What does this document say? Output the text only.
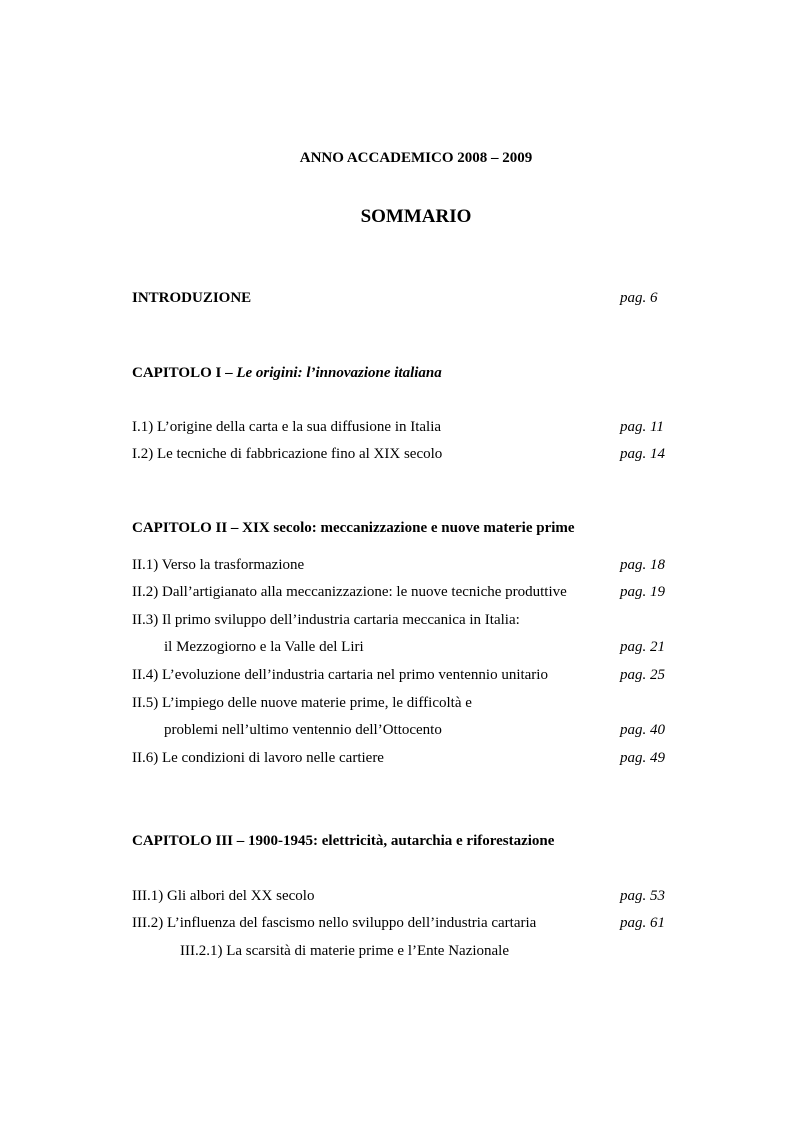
ANNO ACCADEMICO 2008 – 2009
SOMMARIO
INTRODUZIONE	pag. 6
CAPITOLO I – Le origini: l’innovazione italiana
I.1) L’origine della carta e la sua diffusione in Italia	pag. 11
I.2) Le tecniche di fabbricazione fino al XIX secolo	pag. 14
CAPITOLO II – XIX secolo: meccanizzazione e nuove materie prime
II.1) Verso la trasformazione	pag. 18
II.2) Dall’artigianato alla meccanizzazione: le nuove tecniche produttive	pag. 19
II.3) Il primo sviluppo dell’industria cartaria meccanica in Italia:
il Mezzogiorno e la Valle del Liri	pag. 21
II.4) L’evoluzione dell’industria cartaria nel primo ventennio unitario	pag. 25
II.5) L’impiego delle nuove materie prime, le difficoltà e
problemi nell’ultimo ventennio dell’Ottocento	pag. 40
II.6) Le condizioni di lavoro nelle cartiere	pag. 49
CAPITOLO III – 1900-1945: elettricità, autarchia e riforestazione
III.1) Gli albori del XX secolo	pag. 53
III.2) L’influenza del fascismo nello sviluppo dell’industria cartaria	pag. 61
III.2.1) La scarsità di materie prime e l’Ente Nazionale
